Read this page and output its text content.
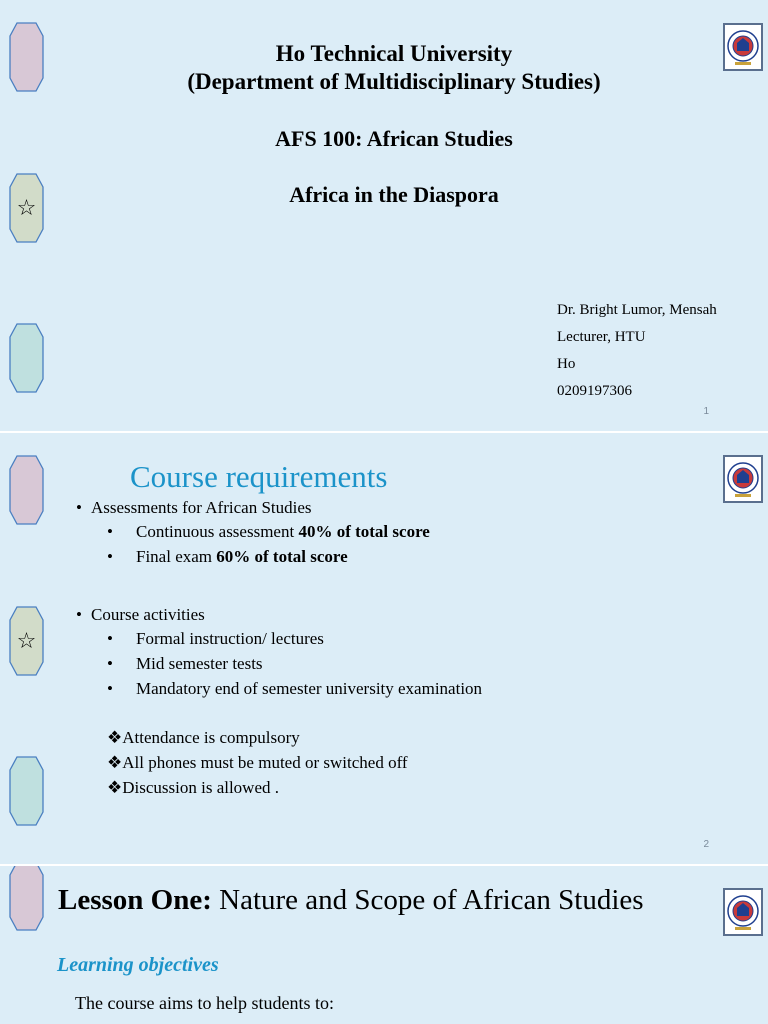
☆
Ho Technical University
(Department of Multidisciplinary Studies)
AFS 100: African Studies
Africa in the Diaspora
Dr. Bright Lumor, Mensah
Lecturer, HTU
Ho
0209197306
1
☆
Course requirements
• Assessments for African Studies
• Continuous assessment 40% of total score
• Final exam 60% of total score
• Course activities
• Formal instruction/ lectures
• Mid semester tests
• Mandatory end of semester university examination
❖Attendance is compulsory
❖All phones must be muted or switched off
❖Discussion is allowed .
2
Lesson One: Nature and Scope of African Studies
Learning objectives
The course aims to help students to:
